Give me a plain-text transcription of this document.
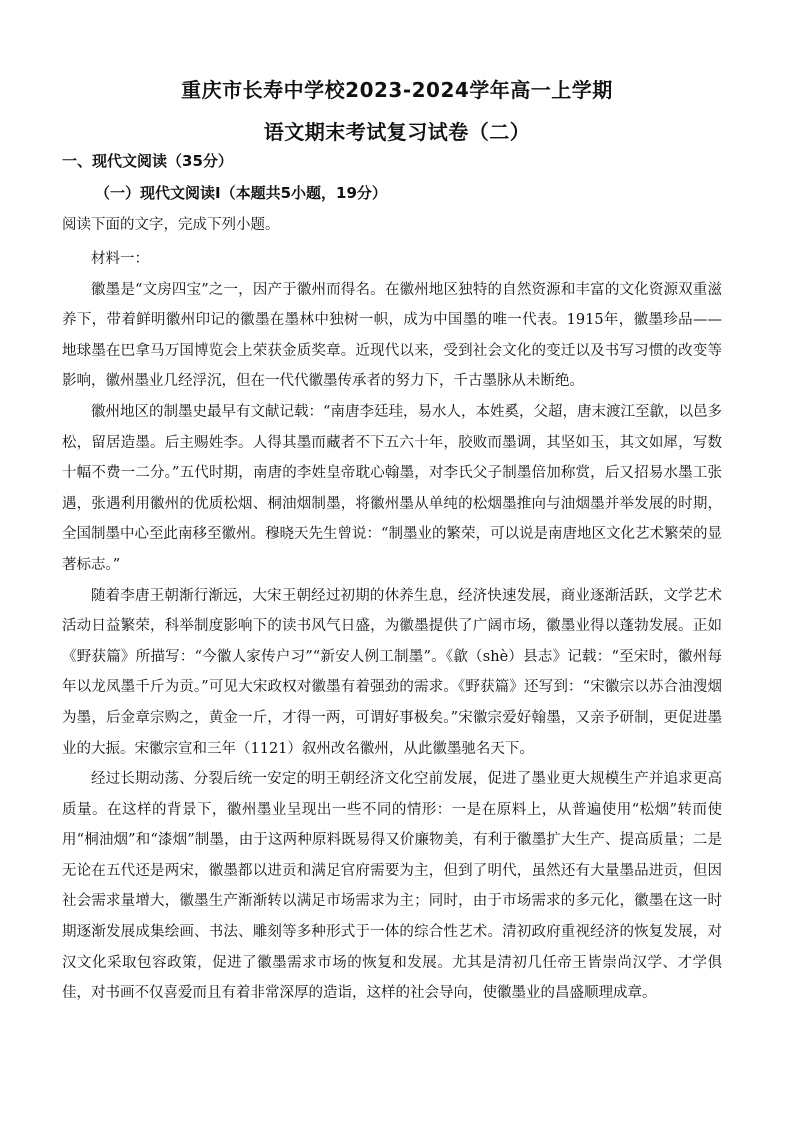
重庆市长寿中学校2023-2024学年高一上学期
语文期末考试复习试卷（二）
一、现代文阅读（35分）
（一）现代文阅读Ⅰ（本题共5小题，19分）
阅读下面的文字，完成下列小题。

材料一：

徽墨是“文房四宝”之一，因产于徽州而得名。在徽州地区独特的自然资源和丰富的文化资源双重滋养下，带着鲜明徽州印记的徽墨在墨林中独树一帜，成为中国墨的唯一代表。1915年，徽墨珍品——地球墨在巴拿马万国博览会上荣获金质奖章。近现代以来，受到社会文化的变迁以及书写习惯的改变等影响，徽州墨业几经浮沉，但在一代代徽墨传承者的努力下，千古墨脉从未断绝。

徽州地区的制墨史最早有文献记载：“南唐李廷珪，易水人，本姓奚，父超，唐末渡江至歙，以邑多松，留居造墨。后主赐姓李。人得其墨而藏者不下五六十年，胶败而墨调，其坚如玉，其文如犀，写数十幅不费一二分。”五代时期，南唐的李姓皇帝耽心翰墨，对李氏父子制墨倍加称赏，后又招易水墨工张遇，张遇利用徽州的优质松烟、桐油烟制墨，将徽州墨从单纯的松烟墨推向与油烟墨并举发展的时期，全国制墨中心至此南移至徽州。穆晓天先生曾说：“制墨业的繁荣，可以说是南唐地区文化艺术繁荣的显著标志。”

随着李唐王朝渐行渐远，大宋王朝经过初期的休养生息，经济快速发展，商业逐渐活跃，文学艺术活动日益繁荣，科举制度影响下的读书风气日盛，为徽墨提供了广阔市场，徽墨业得以蓬勃发展。正如《野获篇》所描写：“今徽人家传户习”“新安人例工制墨”。《歙（shè）县志》记载：“至宋时，徽州每年以龙凤墨千斤为贡。”可见大宋政权对徽墨有着强劲的需求。《野获篇》还写到：“宋徽宗以苏合油溲烟为墨，后金章宗购之，黄金一斤，才得一两，可谓好事极矣。”宋徽宗爱好翰墨，又亲予研制，更促进墨业的大振。宋徽宗宣和三年（1121）叙州改名徽州，从此徽墨驰名天下。

经过长期动荡、分裂后统一安定的明王朝经济文化空前发展，促进了墨业更大规模生产并追求更高质量。在这样的背景下，徽州墨业呈现出一些不同的情形：一是在原料上，从普遍使用“松烟”转而使用“桐油烟”和“漆烟”制墨，由于这两种原料既易得又价廉物美，有利于徽墨扩大生产、提高质量；二是无论在五代还是两宋，徽墨都以进贡和满足官府需要为主，但到了明代，虽然还有大量墨品进贡，但因社会需求量增大，徽墨生产渐渐转以满足市场需求为主；同时，由于市场需求的多元化，徽墨在这一时期逐渐发展成集绘画、书法、雕刻等多种形式于一体的综合性艺术。清初政府重视经济的恢复发展，对汉文化采取包容政策，促进了徽墨需求市场的恢复和发展。尤其是清初几任帝王皆崇尚汉学、才学俱佳，对书画不仅喜爱而且有着非常深厚的造诣，这样的社会导向，使徽墨业的昌盛顺理成章。
